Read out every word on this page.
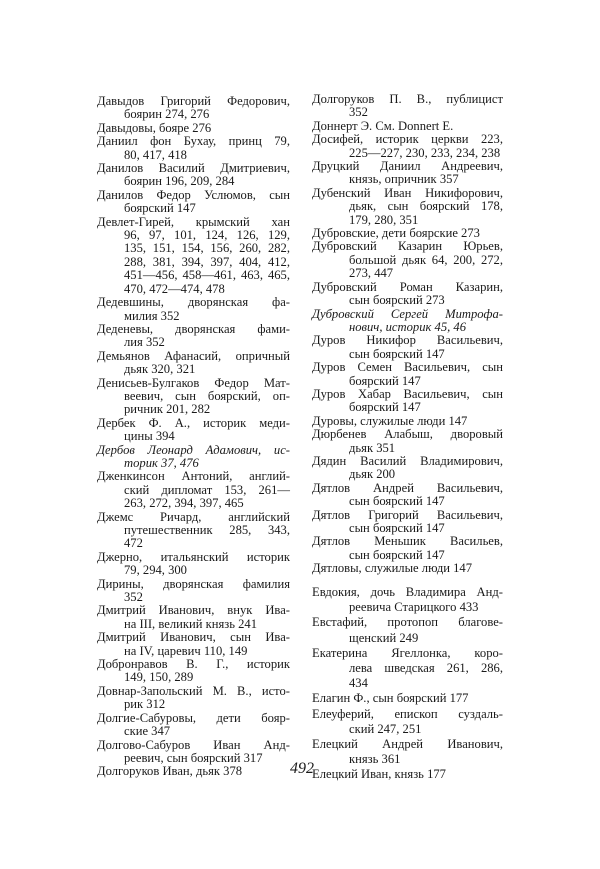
Давыдов Григорий Федорович,
боярин 274, 276
Давыдовы, бояре 276
Даниил фон Бухау, принц 79,
80, 417, 418
Данилов Василий Дмитриевич,
боярин 196, 209, 284
Данилов Федор Услюмов, сын
боярский 147
Девлет-Гирей, крымский хан
96, 97, 101, 124, 126, 129,
135, 151, 154, 156, 260, 282,
288, 381, 394, 397, 404, 412,
451—456, 458—461, 463, 465,
470, 472—474, 478
Дедевшины, дворянская фа-
милия 352
Деденевы, дворянская фами-
лия 352
Демьянов Афанасий, опричный
дьяк 320, 321
Денисьев-Булгаков Федор Мат-
веевич, сын боярский, оп-
ричник 201, 282
Дербек Ф. А., историк меди-
цины 394
Дербов Леонард Адамович, ис-
торик 37, 476
Дженкинсон Антоний, англий-
ский дипломат 153, 261—
263, 272, 394, 397, 465
Джемс Ричард, английский
путешественник 285, 343,
472
Джерно, итальянский историк
79, 294, 300
Дирины, дворянская фамилия
352
Дмитрий Иванович, внук Ива-
на III, великий князь 241
Дмитрий Иванович, сын Ива-
на IV, царевич 110, 149
Добронравов В. Г., историк
149, 150, 289
Довнар-Запольский М. В., исто-
рик 312
Долгие-Сабуровы, дети бояр-
ские 347
Долгово-Сабуров Иван Анд-
реевич, сын боярский 317
Долгоруков Иван, дьяк 378
Долгоруков П. В., публицист
352
Доннерт Э. См. Donnert E.
Досифей, историк церкви 223,
225—227, 230, 233, 234, 238
Друцкий Даниил Андреевич,
князь, опричник 357
Дубенский Иван Никифорович,
дьяк, сын боярский 178,
179, 280, 351
Дубровские, дети боярские 273
Дубровский Казарин Юрьев,
большой дьяк 64, 200, 272,
273, 447
Дубровский Роман Казарин,
сын боярский 273
Дубровский Сергей Митрофа-
нович, историк 45, 46
Дуров Никифор Васильевич,
сын боярский 147
Дуров Семен Васильевич, сын
боярский 147
Дуров Хабар Васильевич, сын
боярский 147
Дуровы, служилые люди 147
Дюрбенев Алабыш, дворовый
дьяк 351
Дядин Василий Владимирович,
дьяк 200
Дятлов Андрей Васильевич,
сын боярский 147
Дятлов Григорий Васильевич,
сын боярский 147
Дятлов Меньшик Васильев,
сын боярский 147
Дятловы, служилые люди 147
Евдокия, дочь Владимира Анд-
реевича Старицкого 433
Евстафий, протопоп благове-
щенский 249
Екатерина Ягеллонка, коро-
лева шведская 261, 286,
434
Елагин Ф., сын боярский 177
Елеуферий, епископ суздаль-
ский 247, 251
Елецкий Андрей Иванович,
князь 361
Елецкий Иван, князь 177
492
